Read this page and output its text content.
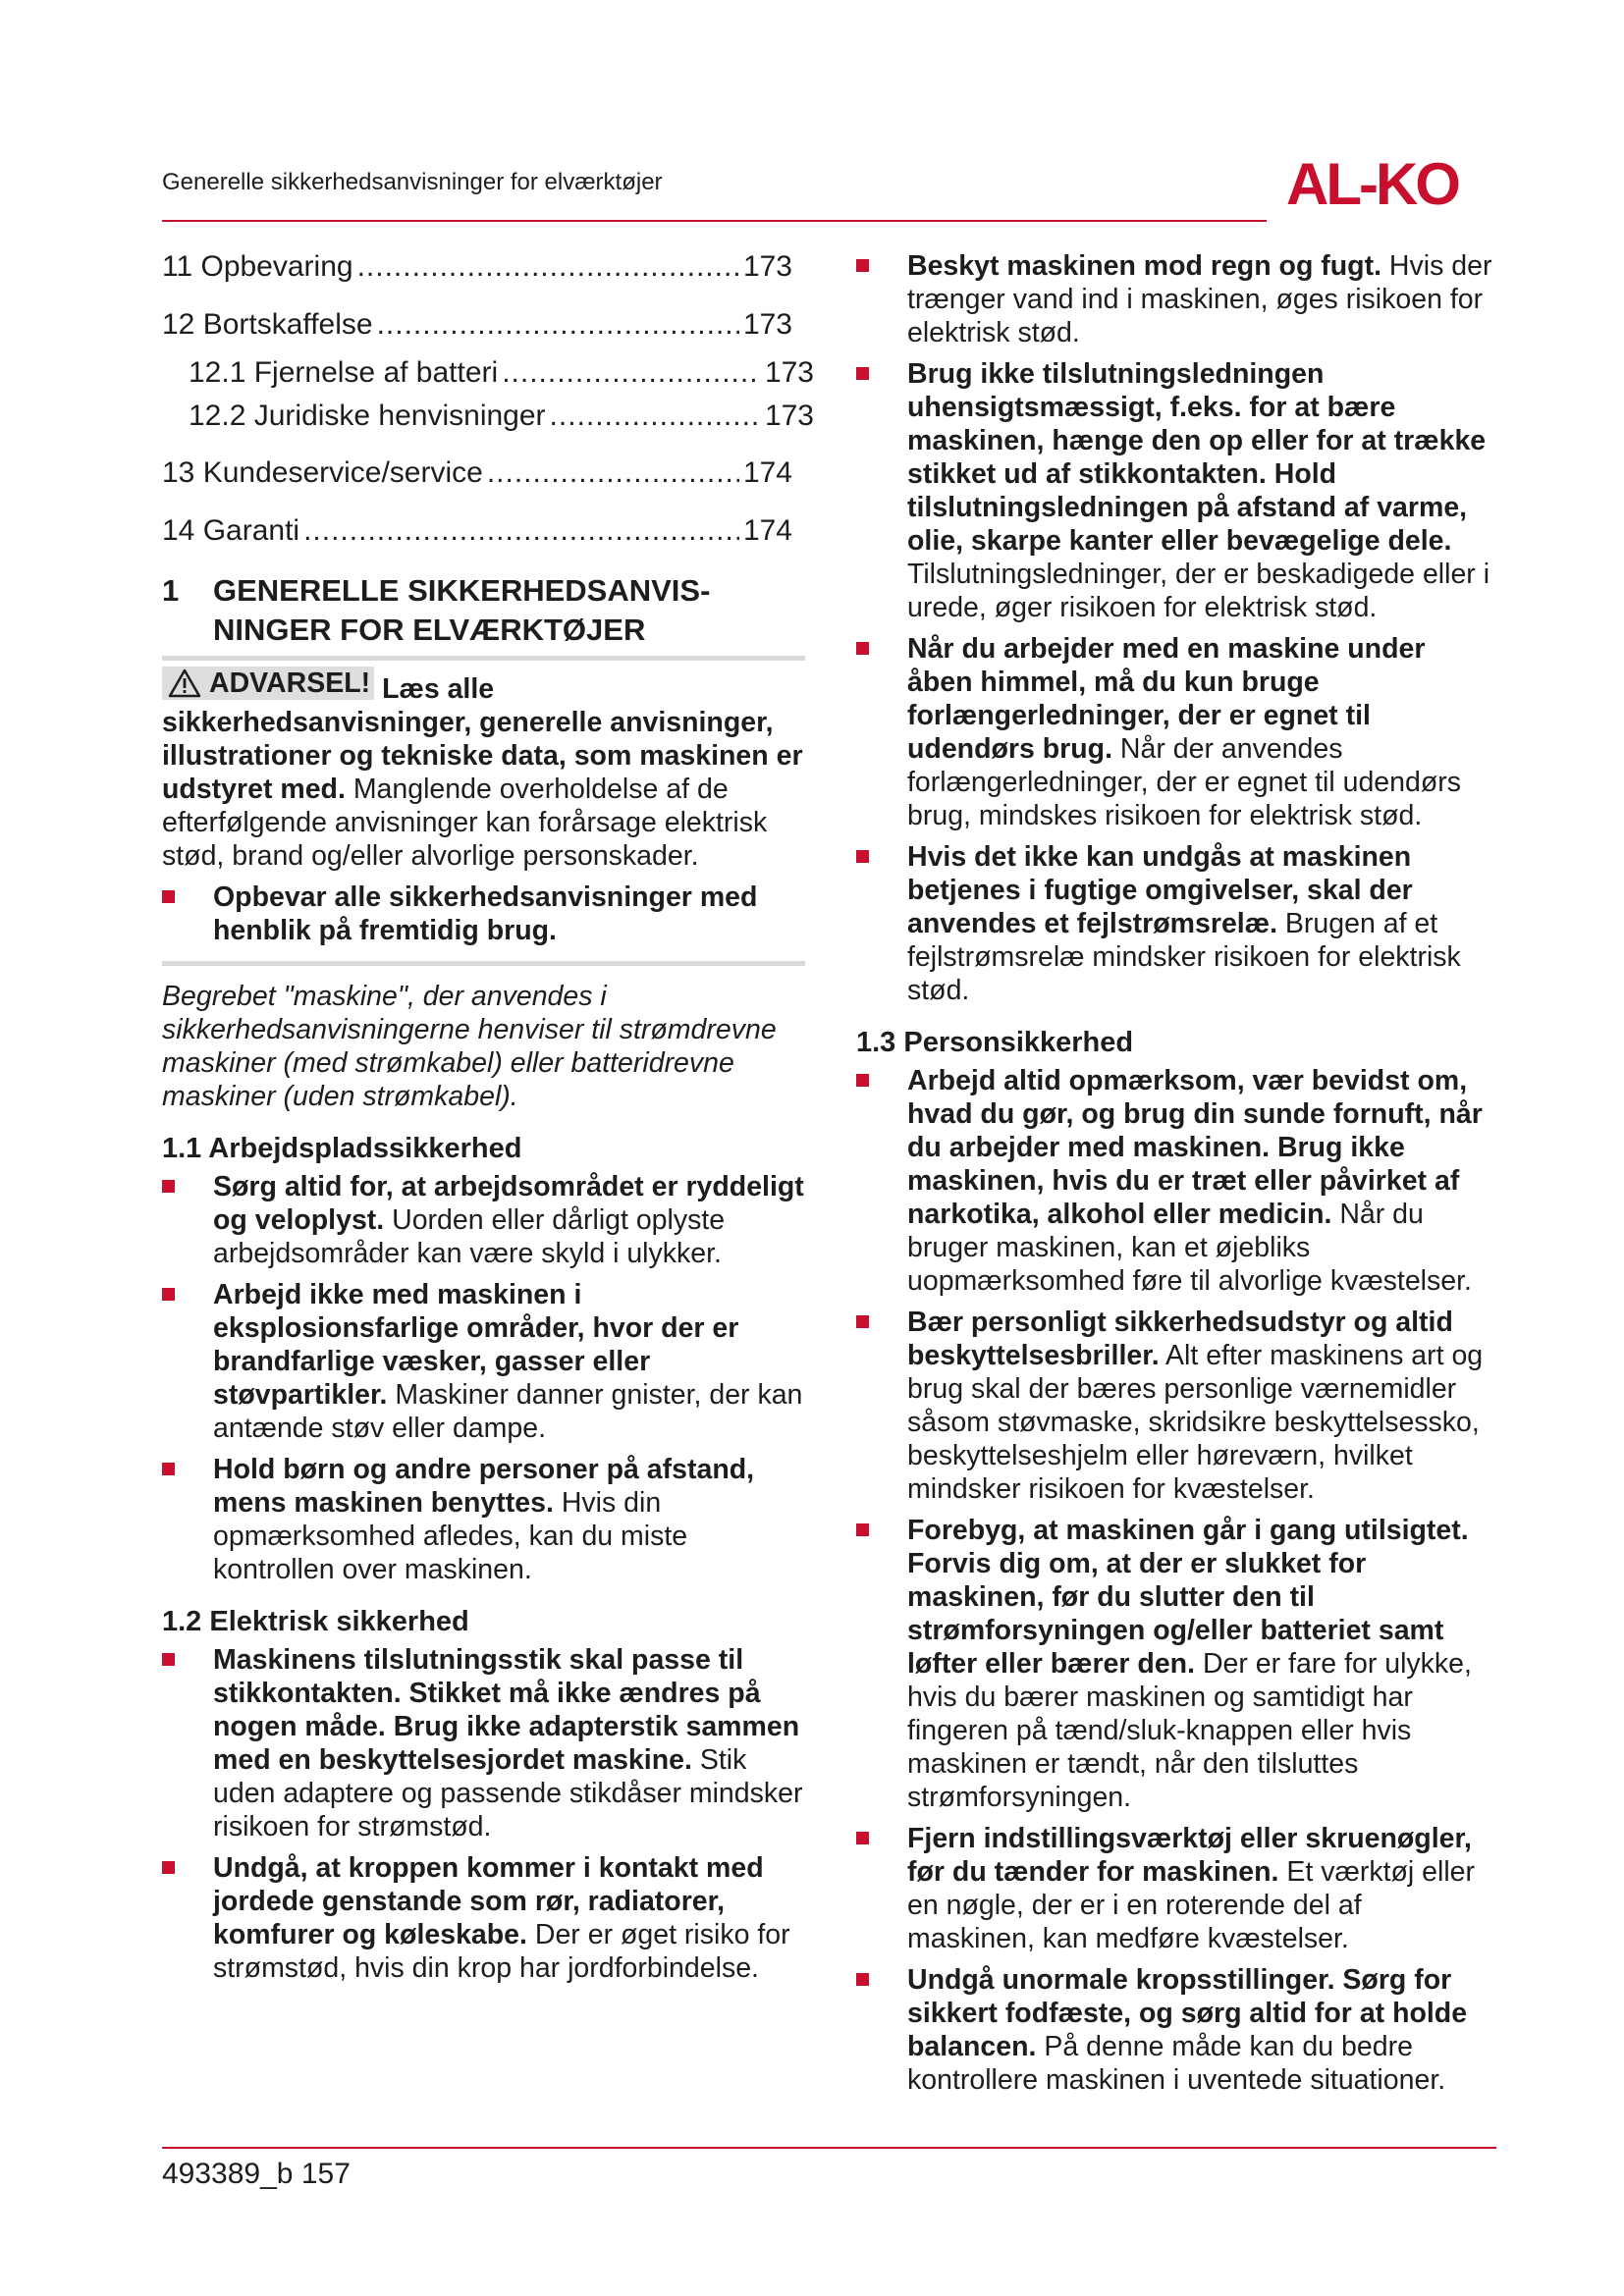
Generelle sikkerhedsanvisninger for elværktøjer	AL-KO
11 Opbevaring .....	173
12 Bortskaffelse .....	173
12.1 Fjernelse af batteri .....	173
12.2 Juridiske henvisninger .....	173
13 Kundeservice/service .....	174
14 Garanti .....	174
1	GENERELLE SIKKERHEDSANVISNINGER FOR ELVÆRKTØJER

ADVARSEL! Læs alle sikkerhedsanvisninger, generelle anvisninger, illustrationer og tekniske data, som maskinen er udstyret med. Manglende overholdelse af de efterfølgende anvisninger kan forårsage elektrisk stød, brand og/eller alvorlige personskader.

Opbevar alle sikkerhedsanvisninger med henblik på fremtidig brug.

Begrebet "maskine", der anvendes i sikkerhedsanvisningerne henviser til strømdrevne maskiner (med strømkabel) eller batteridrevne maskiner (uden strømkabel).

1.1 Arbejdspladssikkerhed
Sørg altid for, at arbejdsområdet er ryddeligt og veloplyst. Uorden eller dårligt oplyste arbejdsområder kan være skyld i ulykker.
Arbejd ikke med maskinen i eksplosionsfarlige områder, hvor der er brandfarlige væsker, gasser eller støvpartikler. Maskiner danner gnister, der kan antænde støv eller dampe.
Hold børn og andre personer på afstand, mens maskinen benyttes. Hvis din opmærksomhed afledes, kan du miste kontrollen over maskinen.
1.2 Elektrisk sikkerhed
Maskinens tilslutningsstik skal passe til stikkontakten. Stikket må ikke ændres på nogen måde. Brug ikke adapterstik sammen med en beskyttelsesjordet maskine. Stik uden adaptere og passende stikdåser mindsker risikoen for strømstød.
Undgå, at kroppen kommer i kontakt med jordede genstande som rør, radiatorer, komfurer og køleskabe. Der er øget risiko for strømstød, hvis din krop har jordforbindelse.
Beskyt maskinen mod regn og fugt. Hvis der trænger vand ind i maskinen, øges risikoen for elektrisk stød.
Brug ikke tilslutningsledningen uhensigtsmæssigt, f.eks. for at bære maskinen, hænge den op eller for at trække stikket ud af stikkontakten. Hold tilslutningsledningen på afstand af varme, olie, skarpe kanter eller bevægelige dele. Tilslutningsledninger, der er beskadigede eller i urede, øger risikoen for elektrisk stød.
Når du arbejder med en maskine under åben himmel, må du kun bruge forlængerledninger, der er egnet til udendørs brug. Når der anvendes forlængerledninger, der er egnet til udendørs brug, mindskes risikoen for elektrisk stød.
Hvis det ikke kan undgås at maskinen betjenes i fugtige omgivelser, skal der anvendes et fejlstrømsrelæ. Brugen af et fejlstrømsrelæ mindsker risikoen for elektrisk stød.
1.3 Personsikkerhed
Arbejd altid opmærksom, vær bevidst om, hvad du gør, og brug din sunde fornuft, når du arbejder med maskinen. Brug ikke maskinen, hvis du er træt eller påvirket af narkotika, alkohol eller medicin. Når du bruger maskinen, kan et øjebliks uopmærksomhed føre til alvorlige kvæstelser.
Bær personligt sikkerhedsudstyr og altid beskyttelsesbriller. Alt efter maskinens art og brug skal der bæres personlige værnemidler såsom støvmaske, skridsikre beskyttelsessko, beskyttelseshjelm eller høreværn, hvilket mindsker risikoen for kvæstelser.
Forebyg, at maskinen går i gang utilsigtet. Forvis dig om, at der er slukket for maskinen, før du slutter den til strømforsyningen og/eller batteriet samt løfter eller bærer den. Der er fare for ulykke, hvis du bærer maskinen og samtidigt har fingeren på tænd/sluk-knappen eller hvis maskinen er tændt, når den tilsluttes strømforsyningen.
Fjern indstillingsværktøj eller skruenøgler, før du tænder for maskinen. Et værktøj eller en nøgle, der er i en roterende del af maskinen, kan medføre kvæstelser.
Undgå unormale kropsstillinger. Sørg for sikkert fodfæste, og sørg altid for at holde balancen. På denne måde kan du bedre kontrollere maskinen i uventede situationer.
493389_b 157
